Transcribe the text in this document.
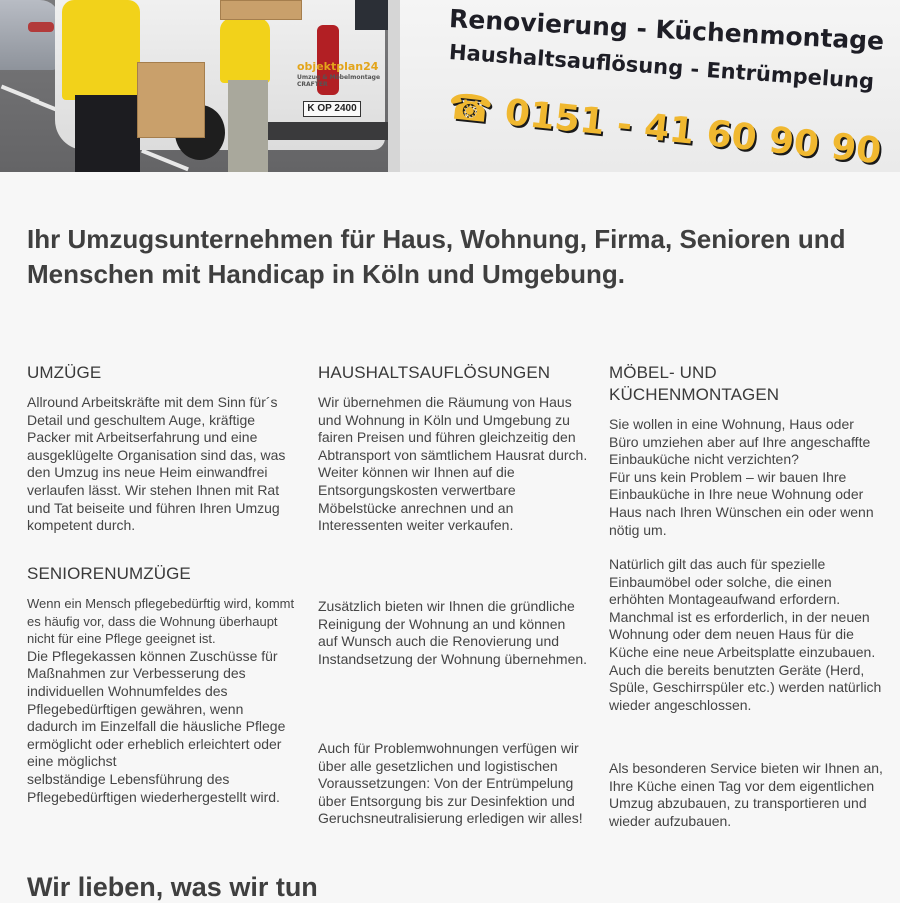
objektplan24
Umzug & Möbelmontage
CRAFTER
K OP 2400
Renovierung - Küchenmontage
Haushaltsauflösung - Entrümpelung
☎ 0151 - 41 60 90 90
Ihr Umzugsunternehmen für Haus, Wohnung, Firma, Senioren und Menschen mit Handicap in Köln und Umgebung.
UMZÜGE

Allround Arbeitskräfte mit dem Sinn für´s Detail und geschultem Auge, kräftige Packer mit Arbeitserfahrung und eine ausgeklügelte Organisation sind das, was den Umzug ins neue Heim einwandfrei verlaufen lässt. Wir stehen Ihnen mit Rat und Tat beiseite und führen Ihren Umzug kompetent durch.

SENIORENUMZÜGE

Wenn ein Mensch pflegebedürftig wird, kommt es häufig vor, dass die Wohnung überhaupt nicht für eine Pflege geeignet ist.

Die Pflegekassen können Zuschüsse für Maßnahmen zur Verbesserung des individuellen Wohnumfeldes des Pflegebedürftigen gewähren, wenn dadurch im Einzelfall die häusliche Pflege ermöglicht oder erheblich erleichtert oder eine möglichst

selbständige Lebensführung des Pflegebedürftigen wiederhergestellt wird.

HAUSHALTSAUFLÖSUNGEN

Wir übernehmen die Räumung von Haus und Wohnung in Köln und Umgebung zu fairen Preisen und führen gleichzeitig den Abtransport von sämtlichem Hausrat durch.

Weiter können wir Ihnen auf die Entsorgungskosten verwertbare Möbelstücke anrechnen und an Interessenten weiter verkaufen.

Zusätzlich bieten wir Ihnen die gründliche Reinigung der Wohnung an und können auf Wunsch auch die Renovierung und Instandsetzung der Wohnung übernehmen.

Auch für Problemwohnungen verfügen wir über alle gesetzlichen und logistischen Voraussetzungen: Von der Entrümpelung über Entsorgung bis zur Desinfektion und Geruchsneutralisierung erledigen wir alles!

MÖBEL- UND KÜCHENMONTAGEN

Sie wollen in eine Wohnung, Haus oder Büro umziehen aber auf Ihre angeschaffte Einbauküche nicht verzichten?

Für uns kein Problem – wir bauen Ihre Einbauküche in Ihre neue Wohnung oder Haus nach Ihren Wünschen ein oder wenn nötig um.

Natürlich gilt das auch für spezielle Einbaumöbel oder solche, die einen erhöhten Montageaufwand erfordern.

Manchmal ist es erforderlich, in der neuen Wohnung oder dem neuen Haus für die Küche eine neue Arbeitsplatte einzubauen.

Auch die bereits benutzten Geräte (Herd, Spüle, Geschirrspüler etc.) werden natürlich wieder angeschlossen.

Als besonderen Service bieten wir Ihnen an, Ihre Küche einen Tag vor dem eigentlichen Umzug abzubauen, zu transportieren und wieder aufzubauen.

Wir lieben, was wir tun
